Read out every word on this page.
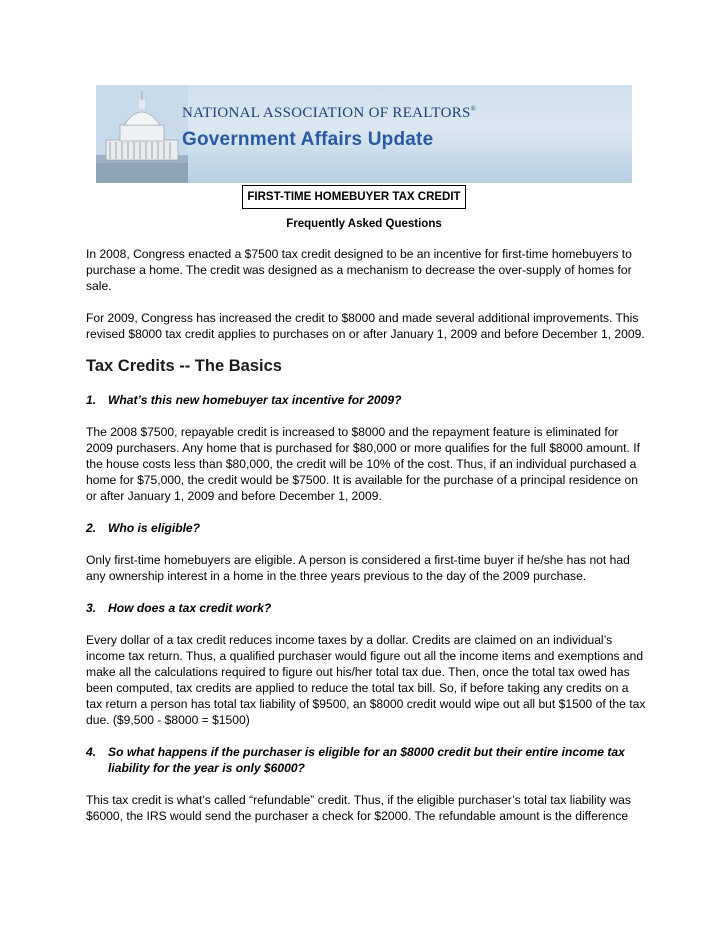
NATIONAL ASSOCIATION OF REALTORS®
Government Affairs Update
FIRST-TIME HOMEBUYER TAX CREDIT
Frequently Asked Questions

In 2008, Congress enacted a $7500 tax credit designed to be an incentive for first-time homebuyers to purchase a home. The credit was designed as a mechanism to decrease the over-supply of homes for sale.

For 2009, Congress has increased the credit to $8000 and made several additional improvements. This revised $8000 tax credit applies to purchases on or after January 1, 2009 and before December 1, 2009.

Tax Credits -- The Basics
1. What’s this new homebuyer tax incentive for 2009?

The 2008 $7500, repayable credit is increased to $8000 and the repayment feature is eliminated for 2009 purchasers. Any home that is purchased for $80,000 or more qualifies for the full $8000 amount. If the house costs less than $80,000, the credit will be 10% of the cost. Thus, if an individual purchased a home for $75,000, the credit would be $7500. It is available for the purchase of a principal residence on or after January 1, 2009 and before December 1, 2009.

2. Who is eligible?

Only first-time homebuyers are eligible. A person is considered a first-time buyer if he/she has not had any ownership interest in a home in the three years previous to the day of the 2009 purchase.

3. How does a tax credit work?

Every dollar of a tax credit reduces income taxes by a dollar. Credits are claimed on an individual’s income tax return. Thus, a qualified purchaser would figure out all the income items and exemptions and make all the calculations required to figure out his/her total tax due. Then, once the total tax owed has been computed, tax credits are applied to reduce the total tax bill. So, if before taking any credits on a tax return a person has total tax liability of $9500, an $8000 credit would wipe out all but $1500 of the tax due. ($9,500 - $8000 = $1500)

4. So what happens if the purchaser is eligible for an $8000 credit but their entire income tax liability for the year is only $6000?

This tax credit is what’s called “refundable” credit. Thus, if the eligible purchaser’s total tax liability was $6000, the IRS would send the purchaser a check for $2000. The refundable amount is the difference
